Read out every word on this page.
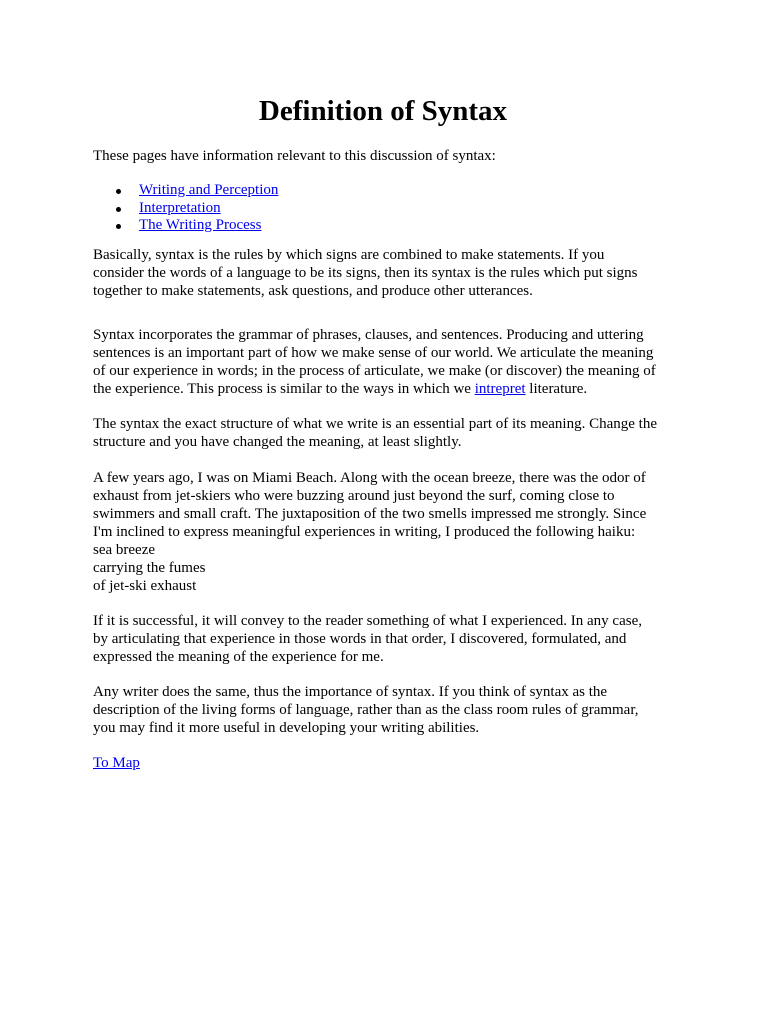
Definition of Syntax

These pages have information relevant to this discussion of syntax:

Writing and Perception
Interpretation
The Writing Process

Basically, syntax is the rules by which signs are combined to make statements. If you
consider the words of a language to be its signs, then its syntax is the rules which put signs
together to make statements, ask questions, and produce other utterances.

Syntax incorporates the grammar of phrases, clauses, and sentences. Producing and uttering
sentences is an important part of how we make sense of our world. We articulate the meaning
of our experience in words; in the process of articulate, we make (or discover) the meaning of
the experience. This process is similar to the ways in which we intrepret literature.

The syntax the exact structure of what we write is an essential part of its meaning. Change the
structure and you have changed the meaning, at least slightly.

A few years ago, I was on Miami Beach. Along with the ocean breeze, there was the odor of
exhaust from jet-skiers who were buzzing around just beyond the surf, coming close to
swimmers and small craft. The juxtaposition of the two smells impressed me strongly. Since
I'm inclined to express meaningful experiences in writing, I produced the following haiku:
sea breeze
carrying the fumes
of jet-ski exhaust

If it is successful, it will convey to the reader something of what I experienced. In any case,
by articulating that experience in those words in that order, I discovered, formulated, and
expressed the meaning of the experience for me.

Any writer does the same, thus the importance of syntax. If you think of syntax as the
description of the living forms of language, rather than as the class room rules of grammar,
you may find it more useful in developing your writing abilities.

To Map
